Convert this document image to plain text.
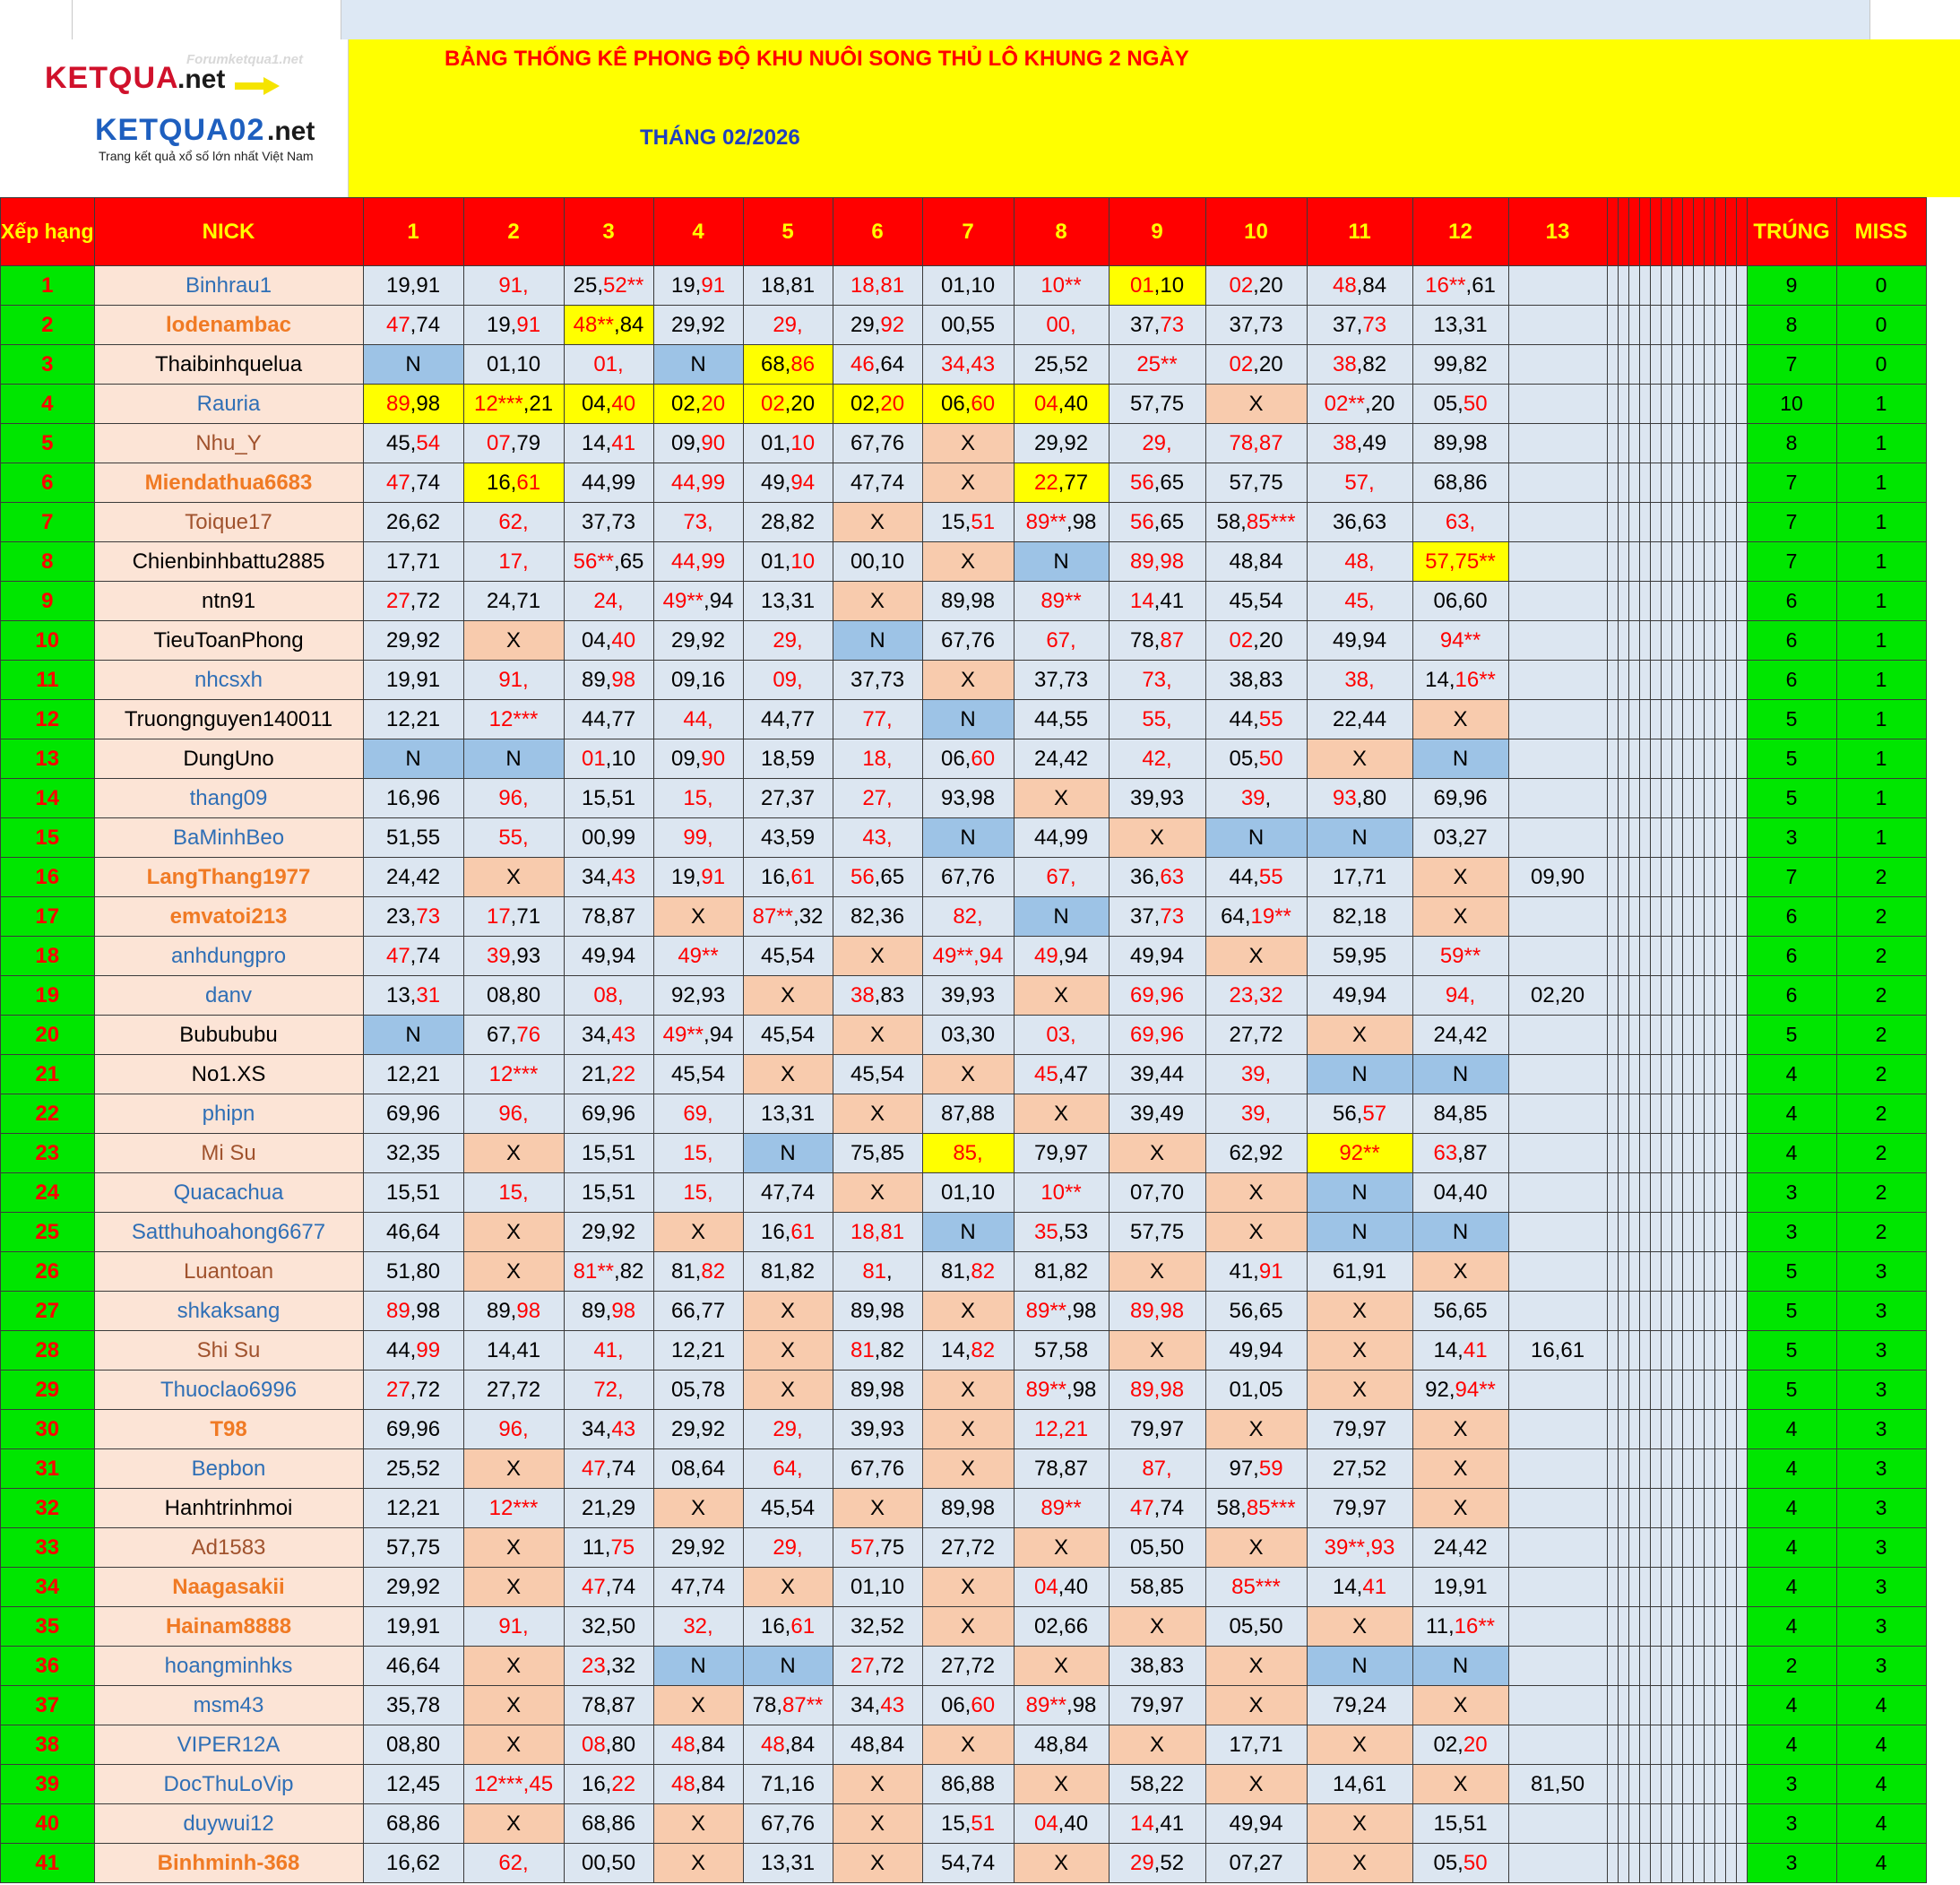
Forumketqua1.net
KETQUA
.net
KETQUA02 .net
Trang kết quả xổ số lớn nhất Việt Nam
BẢNG THỐNG KÊ PHONG ĐỘ KHU NUÔI SONG THỦ LÔ KHUNG 2 NGÀY
THÁNG 02/2026
Xếp hạng	NICK	1	2	3	4	5	6	7	8	9	10	11	12	13														TRÚNG	MISS
1	Binhrau1	19,91	91,	25,52**	19,91	18,81	18,81	01,10	10**	01,10	02,20	48,84	16**,61															9	0
2	lodenambac	47,74	19,91	48**,84	29,92	29,	29,92	00,55	00,	37,73	37,73	37,73	13,31															8	0
3	Thaibinhquelua	N	01,10	01,	N	68,86	46,64	34,43	25,52	25**	02,20	38,82	99,82															7	0
4	Rauria	89,98	12***,21	04,40	02,20	02,20	02,20	06,60	04,40	57,75	X	02**,20	05,50															10	1
5	Nhu_Y	45,54	07,79	14,41	09,90	01,10	67,76	X	29,92	29,	78,87	38,49	89,98															8	1
6	Miendathua6683	47,74	16,61	44,99	44,99	49,94	47,74	X	22,77	56,65	57,75	57,	68,86															7	1
7	Toique17	26,62	62,	37,73	73,	28,82	X	15,51	89**,98	56,65	58,85***	36,63	63,															7	1
8	Chienbinhbattu2885	17,71	17,	56**,65	44,99	01,10	00,10	X	N	89,98	48,84	48,	57,75**															7	1
9	ntn91	27,72	24,71	24,	49**,94	13,31	X	89,98	89**	14,41	45,54	45,	06,60															6	1
10	TieuToanPhong	29,92	X	04,40	29,92	29,	N	67,76	67,	78,87	02,20	49,94	94**															6	1
11	nhcsxh	19,91	91,	89,98	09,16	09,	37,73	X	37,73	73,	38,83	38,	14,16**															6	1
12	Truongnguyen140011	12,21	12***	44,77	44,	44,77	77,	N	44,55	55,	44,55	22,44	X															5	1
13	DungUno	N	N	01,10	09,90	18,59	18,	06,60	24,42	42,	05,50	X	N															5	1
14	thang09	16,96	96,	15,51	15,	27,37	27,	93,98	X	39,93	39,	93,80	69,96															5	1
15	BaMinhBeo	51,55	55,	00,99	99,	43,59	43,	N	44,99	X	N	N	03,27															3	1
16	LangThang1977	24,42	X	34,43	19,91	16,61	56,65	67,76	67,	36,63	44,55	17,71	X	09,90														7	2
17	emvatoi213	23,73	17,71	78,87	X	87**,32	82,36	82,	N	37,73	64,19**	82,18	X															6	2
18	anhdungpro	47,74	39,93	49,94	49**	45,54	X	49**,94	49,94	49,94	X	59,95	59**															6	2
19	danv	13,31	08,80	08,	92,93	X	38,83	39,93	X	69,96	23,32	49,94	94,	02,20														6	2
20	Bubububu	N	67,76	34,43	49**,94	45,54	X	03,30	03,	69,96	27,72	X	24,42															5	2
21	No1.XS	12,21	12***	21,22	45,54	X	45,54	X	45,47	39,44	39,	N	N															4	2
22	phipn	69,96	96,	69,96	69,	13,31	X	87,88	X	39,49	39,	56,57	84,85															4	2
23	Mi Su	32,35	X	15,51	15,	N	75,85	85,	79,97	X	62,92	92**	63,87															4	2
24	Quacachua	15,51	15,	15,51	15,	47,74	X	01,10	10**	07,70	X	N	04,40															3	2
25	Satthuhoahong6677	46,64	X	29,92	X	16,61	18,81	N	35,53	57,75	X	N	N															3	2
26	Luantoan	51,80	X	81**,82	81,82	81,82	81,	81,82	81,82	X	41,91	61,91	X															5	3
27	shkaksang	89,98	89,98	89,98	66,77	X	89,98	X	89**,98	89,98	56,65	X	56,65															5	3
28	Shi Su	44,99	14,41	41,	12,21	X	81,82	14,82	57,58	X	49,94	X	14,41	16,61														5	3
29	Thuoclao6996	27,72	27,72	72,	05,78	X	89,98	X	89**,98	89,98	01,05	X	92,94**															5	3
30	T98	69,96	96,	34,43	29,92	29,	39,93	X	12,21	79,97	X	79,97	X															4	3
31	Bepbon	25,52	X	47,74	08,64	64,	67,76	X	78,87	87,	97,59	27,52	X															4	3
32	Hanhtrinhmoi	12,21	12***	21,29	X	45,54	X	89,98	89**	47,74	58,85***	79,97	X															4	3
33	Ad1583	57,75	X	11,75	29,92	29,	57,75	27,72	X	05,50	X	39**,93	24,42															4	3
34	Naagasakii	29,92	X	47,74	47,74	X	01,10	X	04,40	58,85	85***	14,41	19,91															4	3
35	Hainam8888	19,91	91,	32,50	32,	16,61	32,52	X	02,66	X	05,50	X	11,16**															4	3
36	hoangminhks	46,64	X	23,32	N	N	27,72	27,72	X	38,83	X	N	N															2	3
37	msm43	35,78	X	78,87	X	78,87**	34,43	06,60	89**,98	79,97	X	79,24	X															4	4
38	VIPER12A	08,80	X	08,80	48,84	48,84	48,84	X	48,84	X	17,71	X	02,20															4	4
39	DocThuLoVip	12,45	12***,45	16,22	48,84	71,16	X	86,88	X	58,22	X	14,61	X	81,50														3	4
40	duywui12	68,86	X	68,86	X	67,76	X	15,51	04,40	14,41	49,94	X	15,51															3	4
41	Binhminh-368	16,62	62,	00,50	X	13,31	X	54,74	X	29,52	07,27	X	05,50															3	4
